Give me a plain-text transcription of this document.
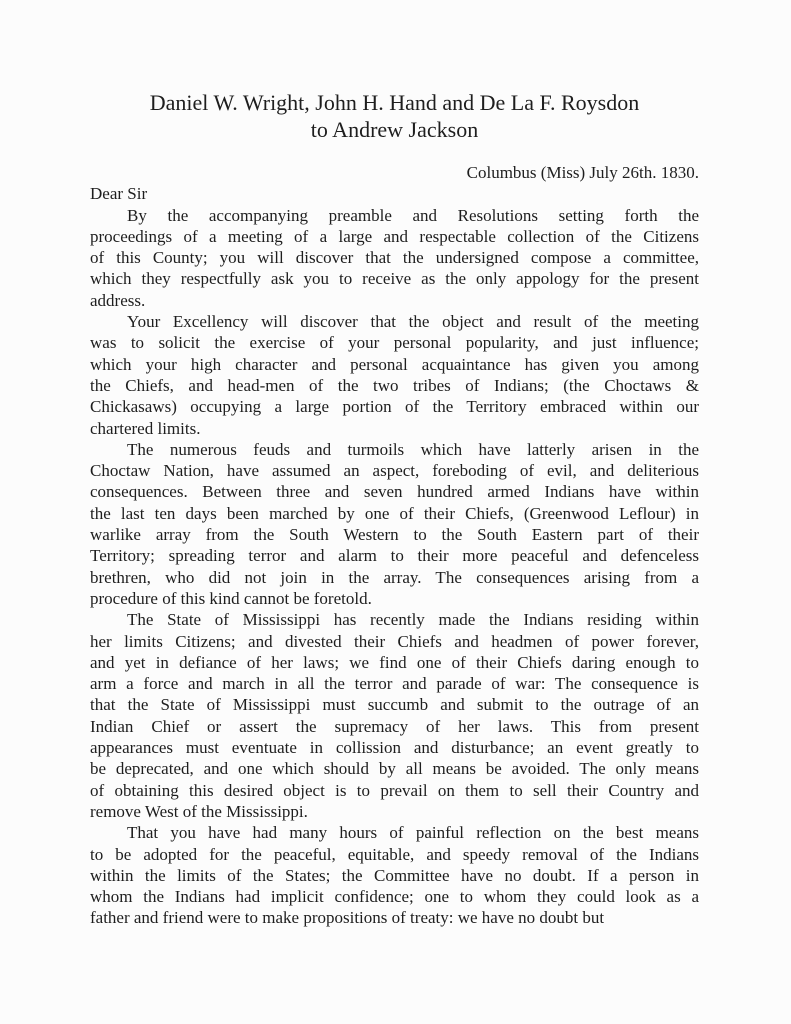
Daniel W. Wright, John H. Hand and De La F. Roysdon
to Andrew Jackson
Columbus (Miss) July 26th. 1830.
Dear Sir

By the accompanying preamble and Resolutions setting forth the
proceedings of a meeting of a large and respectable collection of the Citizens
of this County; you will discover that the undersigned compose a committee,
which they respectfully ask you to receive as the only appology for the present
address.

Your Excellency will discover that the object and result of the meeting
was to solicit the exercise of your personal popularity, and just influence;
which your high character and personal acquaintance has given you among
the Chiefs, and head-men of the two tribes of Indians; (the Choctaws &
Chickasaws) occupying a large portion of the Territory embraced within our
chartered limits.

The numerous feuds and turmoils which have latterly arisen in the
Choctaw Nation, have assumed an aspect, foreboding of evil, and deliterious
consequences. Between three and seven hundred armed Indians have within
the last ten days been marched by one of their Chiefs, (Greenwood Leflour) in
warlike array from the South Western to the South Eastern part of their
Territory; spreading terror and alarm to their more peaceful and defenceless
brethren, who did not join in the array. The consequences arising from a
procedure of this kind cannot be foretold.

The State of Mississippi has recently made the Indians residing within
her limits Citizens; and divested their Chiefs and headmen of power forever,
and yet in defiance of her laws; we find one of their Chiefs daring enough to
arm a force and march in all the terror and parade of war: The consequence is
that the State of Mississippi must succumb and submit to the outrage of an
Indian Chief or assert the supremacy of her laws. This from present
appearances must eventuate in collission and disturbance; an event greatly to
be deprecated, and one which should by all means be avoided. The only means
of obtaining this desired object is to prevail on them to sell their Country and
remove West of the Mississippi.

That you have had many hours of painful reflection on the best means
to be adopted for the peaceful, equitable, and speedy removal of the Indians
within the limits of the States; the Committee have no doubt. If a person in
whom the Indians had implicit confidence; one to whom they could look as a
father and friend were to make propositions of treaty: we have no doubt but
